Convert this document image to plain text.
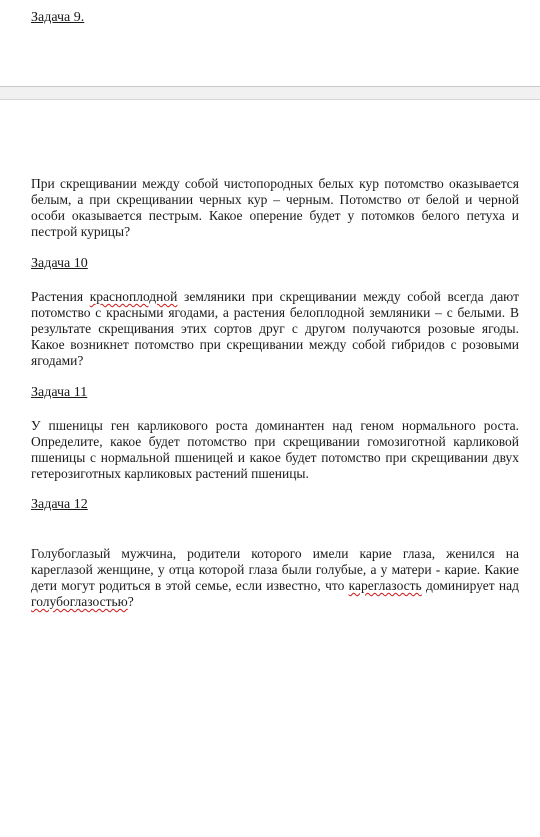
Задача 9.

При скрещивании между собой чистопородных белых кур потомство оказывается белым, а при скрещивании черных кур – черным. Потомство от белой и черной особи оказывается пестрым. Какое оперение будет у потомков белого петуха и пестрой курицы?

Задача 10

Растения красноплодной земляники при скрещивании между собой всегда дают потомство с красными ягодами, а растения белоплодной земляники – с белыми. В результате скрещивания этих сортов друг с другом получаются розовые ягоды. Какое возникнет потомство при скрещивании между собой гибридов с розовыми ягодами?

Задача 11

У пшеницы ген карликового роста доминантен над геном нормального роста. Определите, какое будет потомство при скрещивании гомозиготной карликовой пшеницы с нормальной пшеницей и какое будет потомство при скрещивании двух гетерозиготных карликовых растений пшеницы.

Задача 12

Голубоглазый мужчина, родители которого имели карие глаза, женился на кареглазой женщине, у отца которой глаза были голубые, а у матери - карие. Какие дети могут родиться в этой семье, если известно, что кареглазость доминирует над голубоглазостью?
